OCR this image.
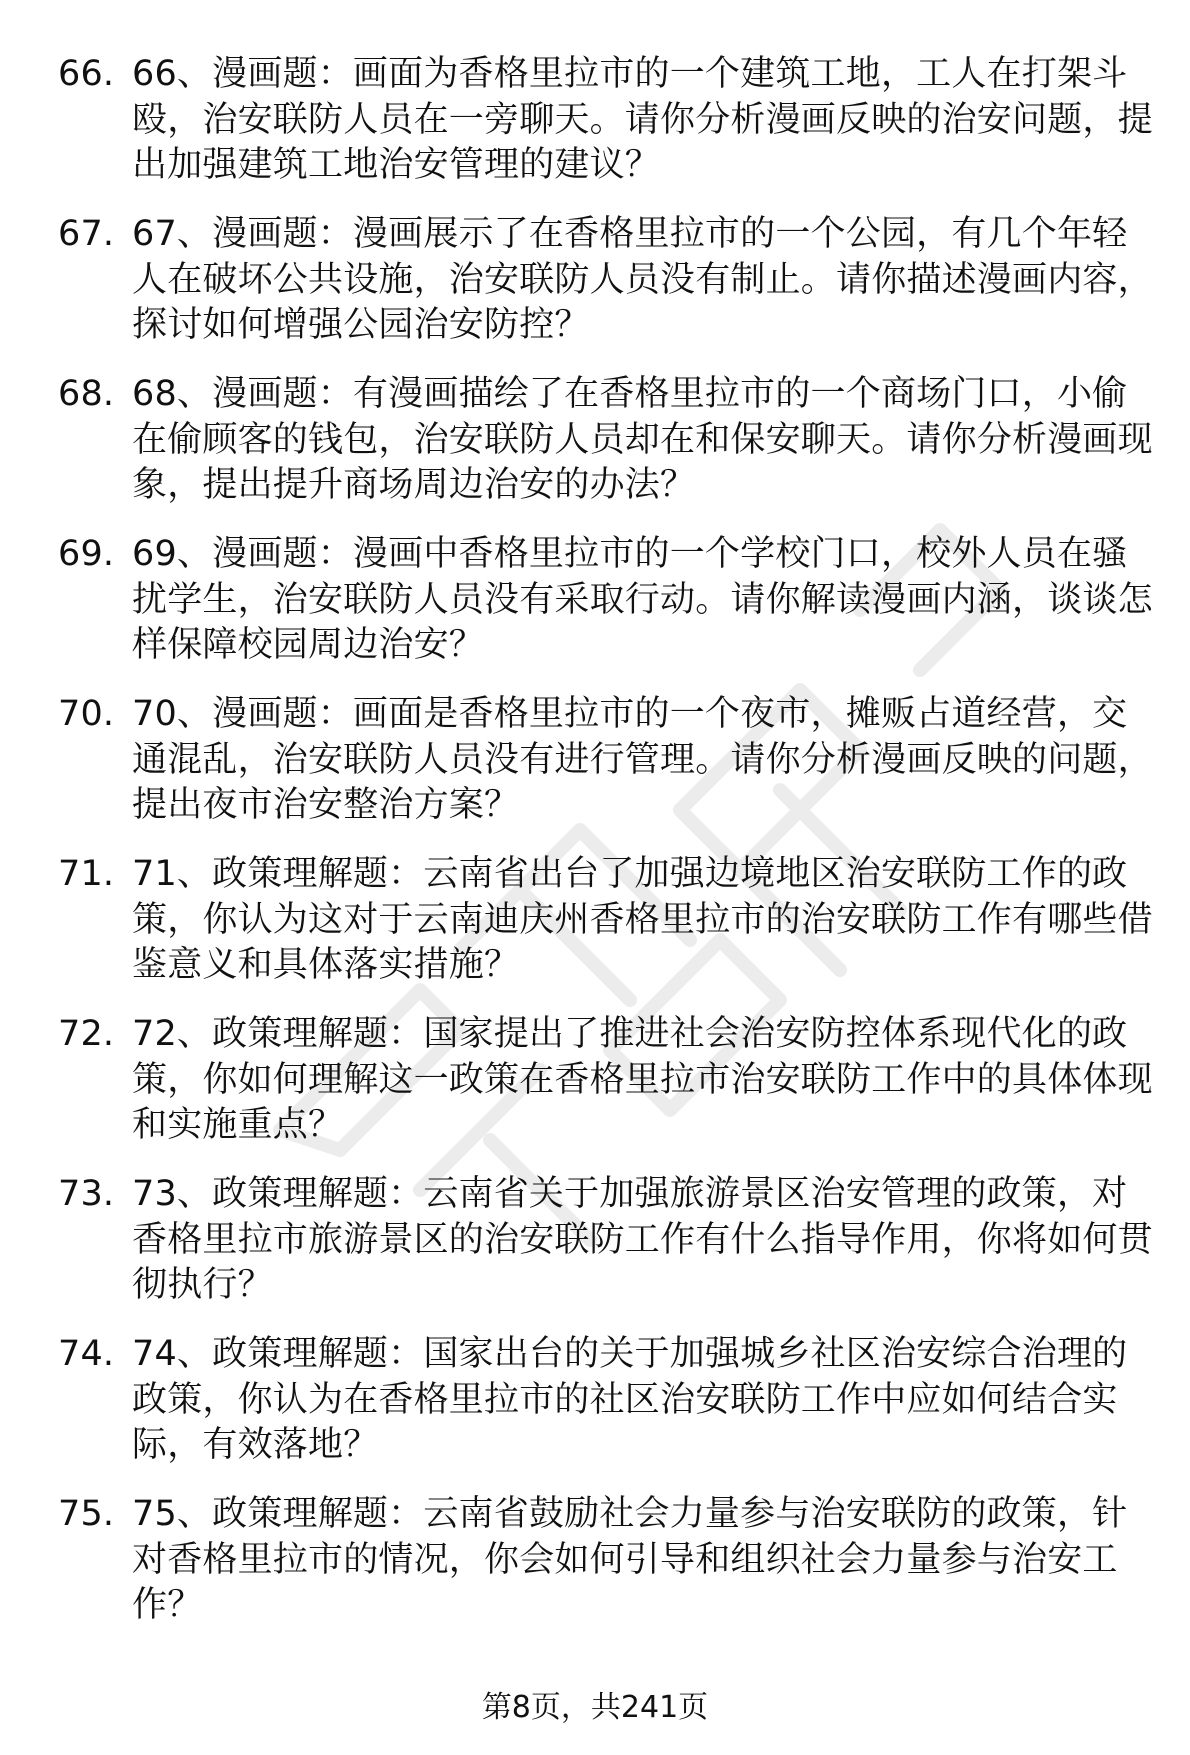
66. 66、漫画题：画面为香格里拉市的一个建筑工地，工人在打架斗殴，治安联防人员在一旁聊天。请你分析漫画反映的治安问题，提出加强建筑工地治安管理的建议？
67. 67、漫画题：漫画展示了在香格里拉市的一个公园，有几个年轻人在破坏公共设施，治安联防人员没有制止。请你描述漫画内容，探讨如何增强公园治安防控？
68. 68、漫画题：有漫画描绘了在香格里拉市的一个商场门口，小偷在偷顾客的钱包，治安联防人员却在和保安聊天。请你分析漫画现象，提出提升商场周边治安的办法？
69. 69、漫画题：漫画中香格里拉市的一个学校门口，校外人员在骚扰学生，治安联防人员没有采取行动。请你解读漫画内涵，谈谈怎样保障校园周边治安？
70. 70、漫画题：画面是香格里拉市的一个夜市，摊贩占道经营，交通混乱，治安联防人员没有进行管理。请你分析漫画反映的问题，提出夜市治安整治方案？
71. 71、政策理解题：云南省出台了加强边境地区治安联防工作的政策，你认为这对于云南迪庆州香格里拉市的治安联防工作有哪些借鉴意义和具体落实措施？
72. 72、政策理解题：国家提出了推进社会治安防控体系现代化的政策，你如何理解这一政策在香格里拉市治安联防工作中的具体体现和实施重点？
73. 73、政策理解题：云南省关于加强旅游景区治安管理的政策，对香格里拉市旅游景区的治安联防工作有什么指导作用，你将如何贯彻执行？
74. 74、政策理解题：国家出台的关于加强城乡社区治安综合治理的政策，你认为在香格里拉市的社区治安联防工作中应如何结合实际，有效落地？
75. 75、政策理解题：云南省鼓励社会力量参与治安联防的政策，针对香格里拉市的情况，你会如何引导和组织社会力量参与治安工作？
第8页，共241页
